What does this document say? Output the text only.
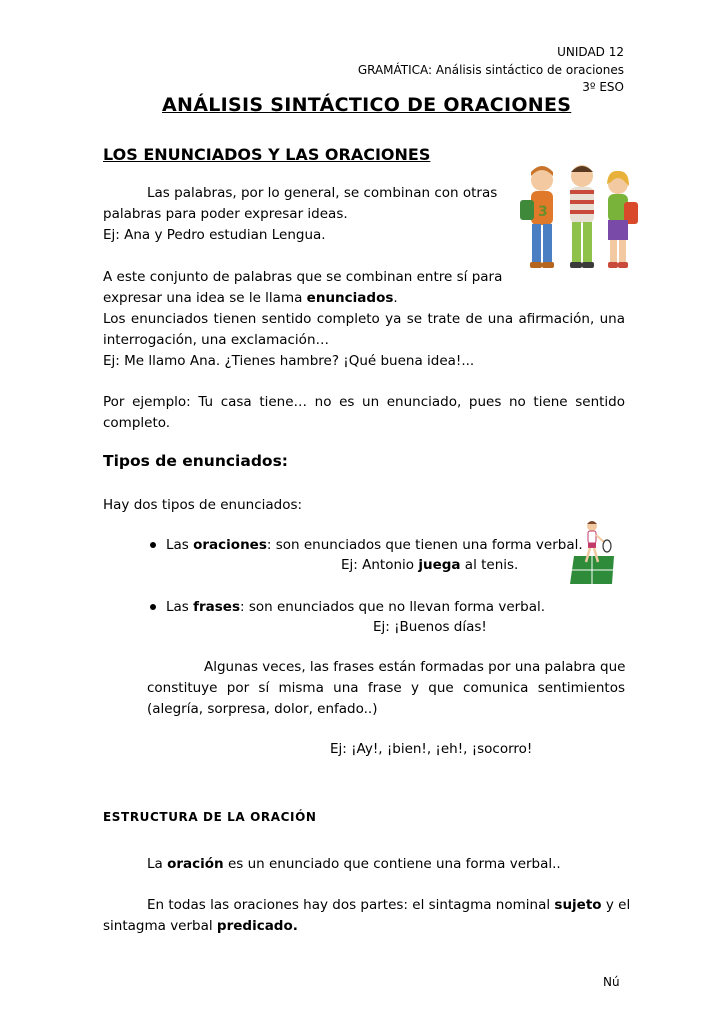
UNIDAD 12
GRAMÁTICA: Análisis sintáctico de oraciones
3º ESO
ANÁLISIS SINTÁCTICO DE ORACIONES
LOS ENUNCIADOS Y LAS ORACIONES
Las palabras, por lo general, se combinan con otras
palabras para poder expresar ideas.
Ej: Ana y Pedro estudian Lengua.
A este conjunto de palabras que se combinan entre sí para
expresar una idea se le llama enunciados.
Los enunciados tienen sentido completo ya se trate de una afirmación, una
interrogación, una exclamación…
Ej: Me llamo Ana. ¿Tienes hambre? ¡Qué buena idea!...
Por ejemplo: Tu casa tiene… no es un enunciado, pues no tiene sentido
completo.
3
Tipos de enunciados:
Hay dos tipos de enunciados:
Las oraciones: son enunciados que tienen una forma verbal.
Ej: Antonio juega al tenis.
Las frases: son enunciados que no llevan forma verbal.
Ej: ¡Buenos días!
Algunas veces, las frases están formadas por una palabra que
constituye por sí misma una frase y que comunica sentimientos
(alegría, sorpresa, dolor, enfado..)
Ej: ¡Ay!, ¡bien!, ¡eh!, ¡socorro!
ESTRUCTURA DE LA ORACIÓN
La oración es un enunciado que contiene una forma verbal..
En todas las oraciones hay dos partes: el sintagma nominal sujeto y el
sintagma verbal predicado.
Nú
